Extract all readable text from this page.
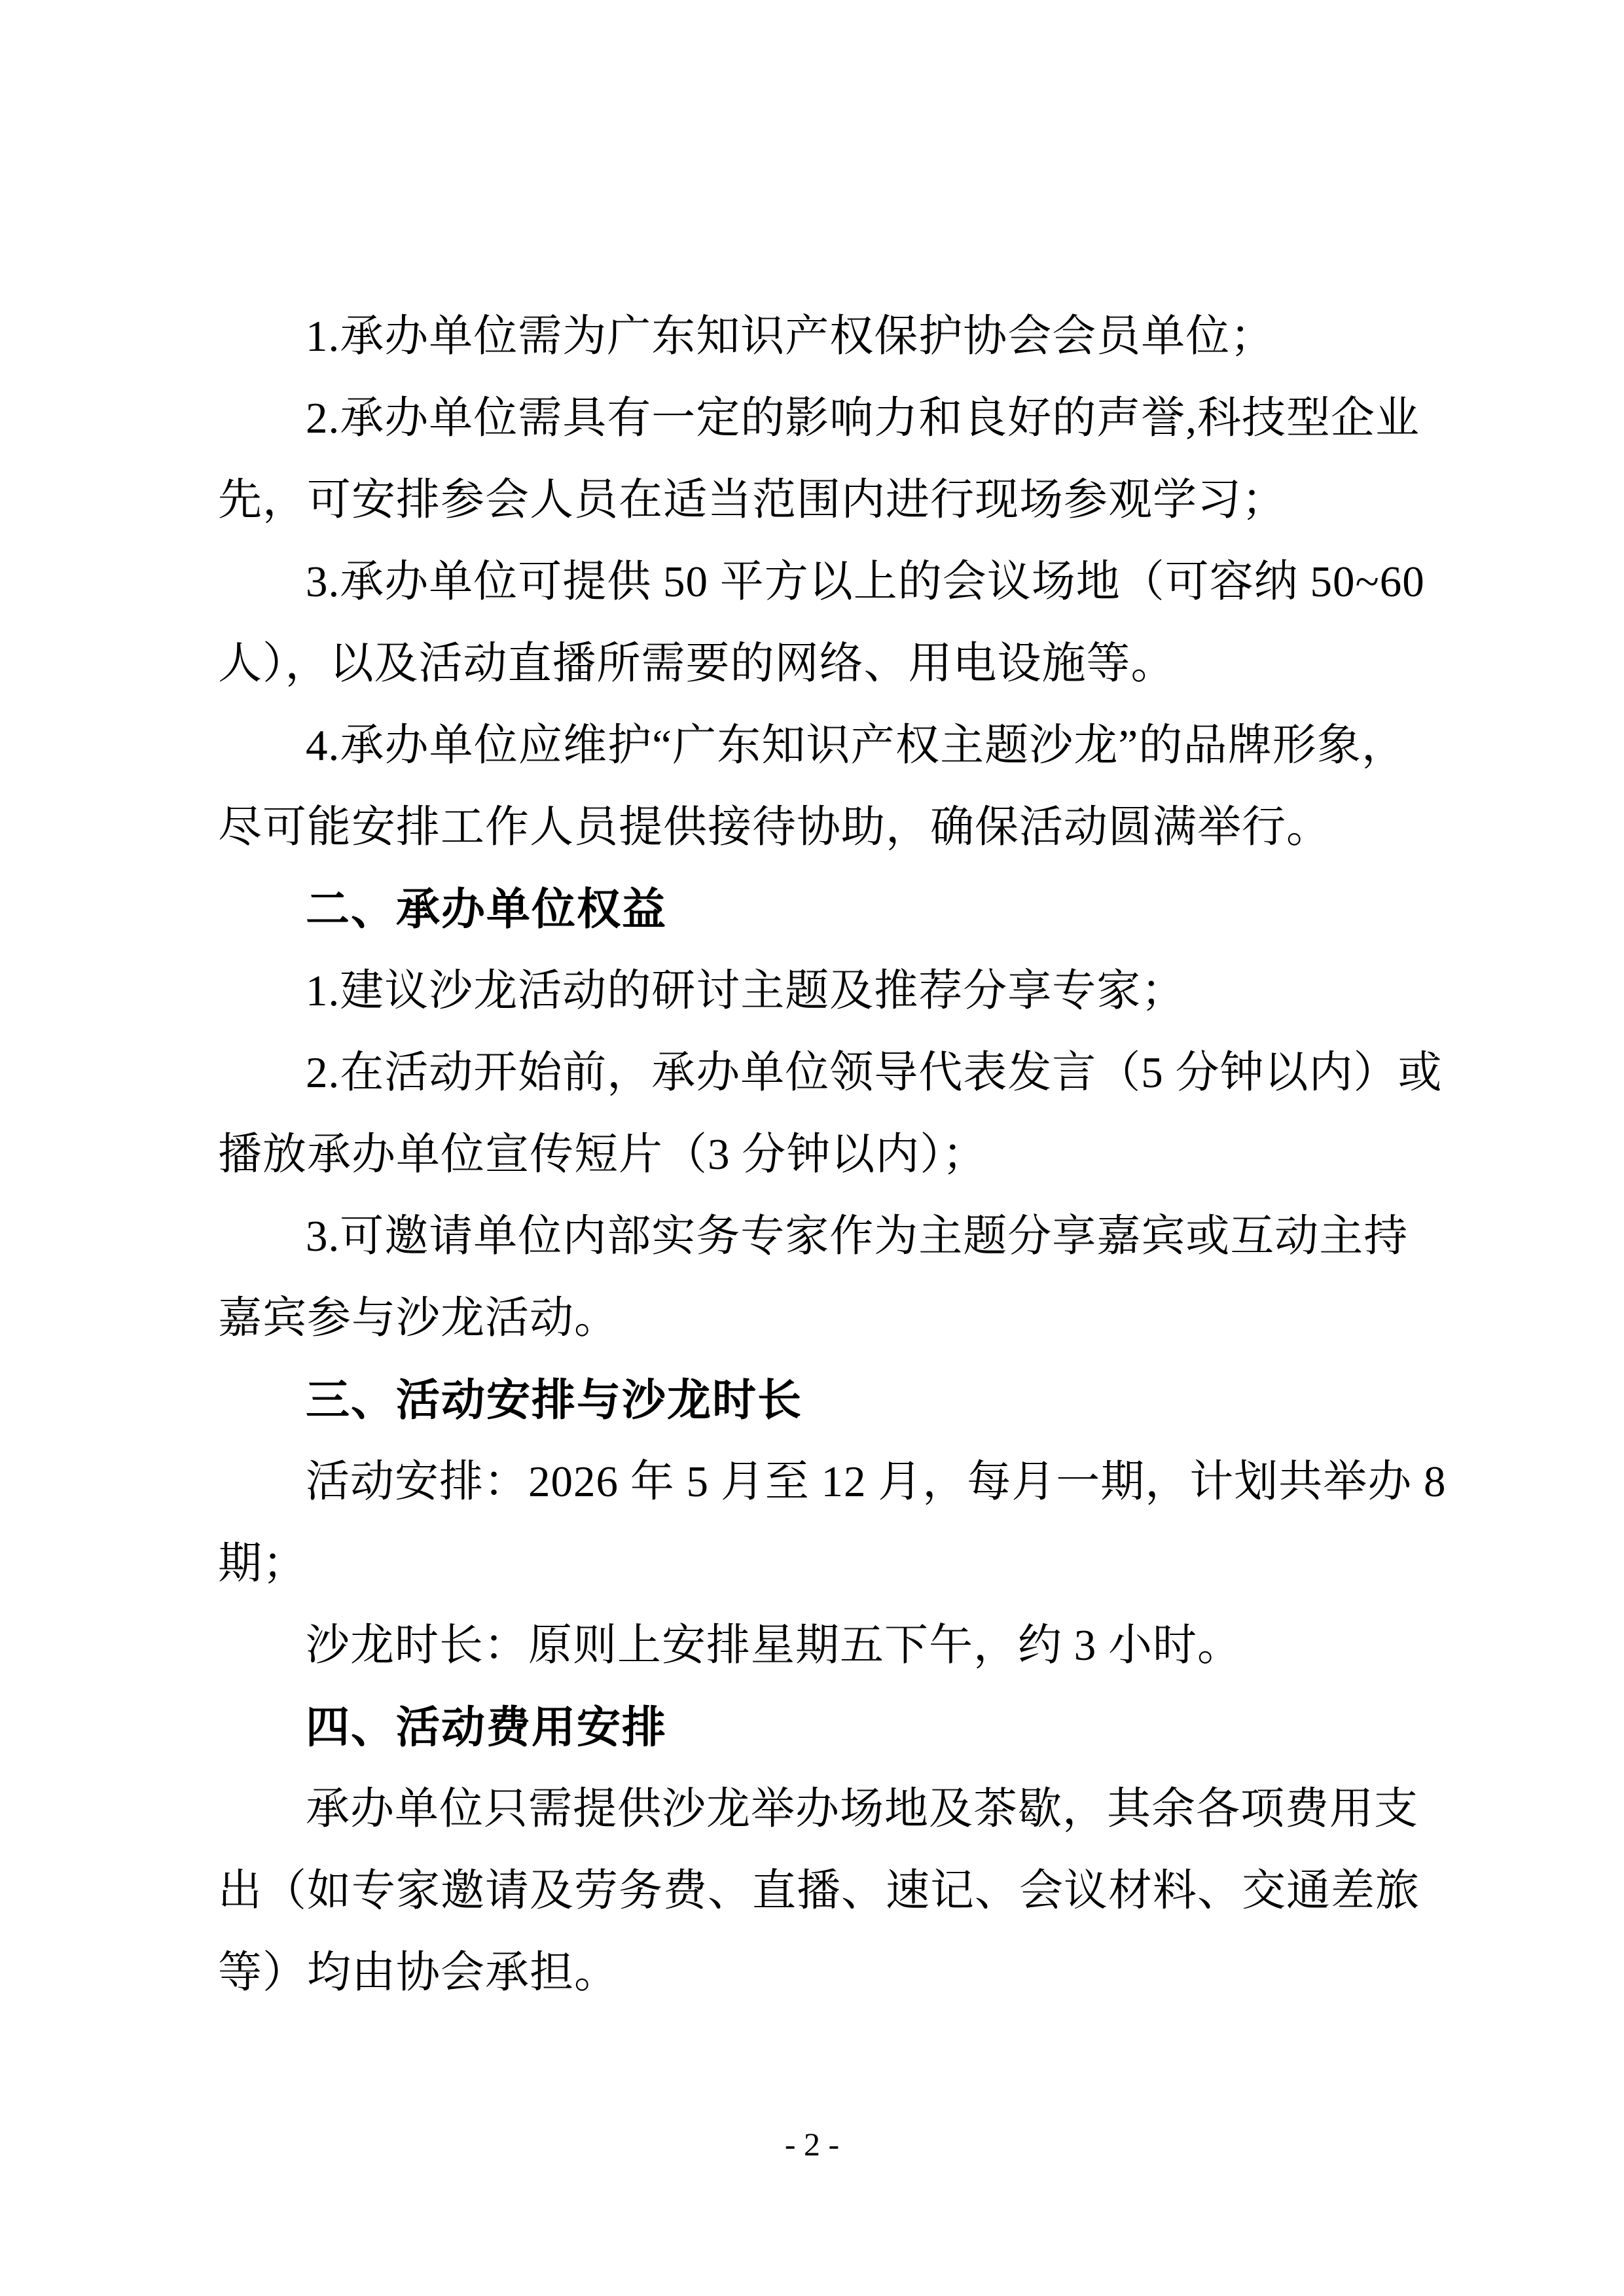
1.承办单位需为广东知识产权保护协会会员单位；
2.承办单位需具有一定的影响力和良好的声誉,科技型企业
先，可安排参会人员在适当范围内进行现场参观学习；
3.承办单位可提供 50 平方以上的会议场地（可容纳 50~60
人），以及活动直播所需要的网络、用电设施等。
4.承办单位应维护“广东知识产权主题沙龙”的品牌形象，
尽可能安排工作人员提供接待协助，确保活动圆满举行。
二、承办单位权益
1.建议沙龙活动的研讨主题及推荐分享专家；
2.在活动开始前，承办单位领导代表发言（5 分钟以内）或
播放承办单位宣传短片（3 分钟以内）；
3.可邀请单位内部实务专家作为主题分享嘉宾或互动主持
嘉宾参与沙龙活动。
三、活动安排与沙龙时长
活动安排：2026 年 5 月至 12 月，每月一期，计划共举办 8
期；
沙龙时长：原则上安排星期五下午，约 3 小时。
四、活动费用安排
承办单位只需提供沙龙举办场地及茶歇，其余各项费用支
出（如专家邀请及劳务费、直播、速记、会议材料、交通差旅
等）均由协会承担。
- 2 -
